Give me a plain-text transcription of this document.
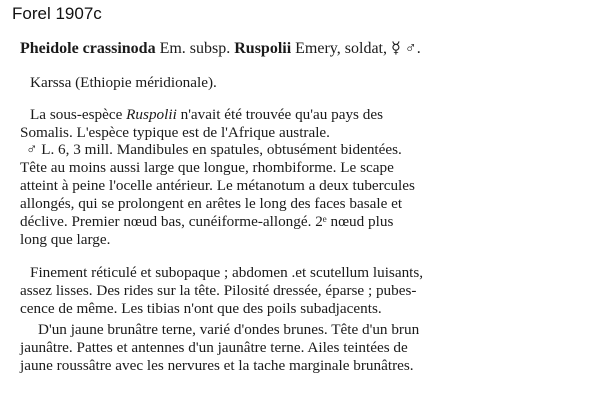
Forel 1907c
Pheidole crassinoda Em. subsp. Ruspolii Emery, soldat, ☿ ♂.
Karssa (Ethiopie méridionale).
La sous-espèce Ruspolii n'avait été trouvée qu'au pays des
Somalis. L'espèce typique est de l'Afrique australe.
♂ L. 6, 3 mill. Mandibules en spatules, obtusément bidentées.
Tête au moins aussi large que longue, rhombiforme. Le scape
atteint à peine l'ocelle antérieur. Le métanotum a deux tubercules
allongés, qui se prolongent en arêtes le long des faces basale et
déclive. Premier nœud bas, cunéiforme-allongé. 2ᵉ nœud plus
long que large.
Finement réticulé et subopaque ; abdomen .et scutellum luisants,
assez lisses. Des rides sur la tête. Pilosité dressée, éparse ; pubes-
cence de même. Les tibias n'ont que des poils subadjacents.
D'un jaune brunâtre terne, varié d'ondes brunes. Tête d'un brun
jaunâtre. Pattes et antennes d'un jaunâtre terne. Ailes teintées de
jaune roussâtre avec les nervures et la tache marginale brunâtres.
